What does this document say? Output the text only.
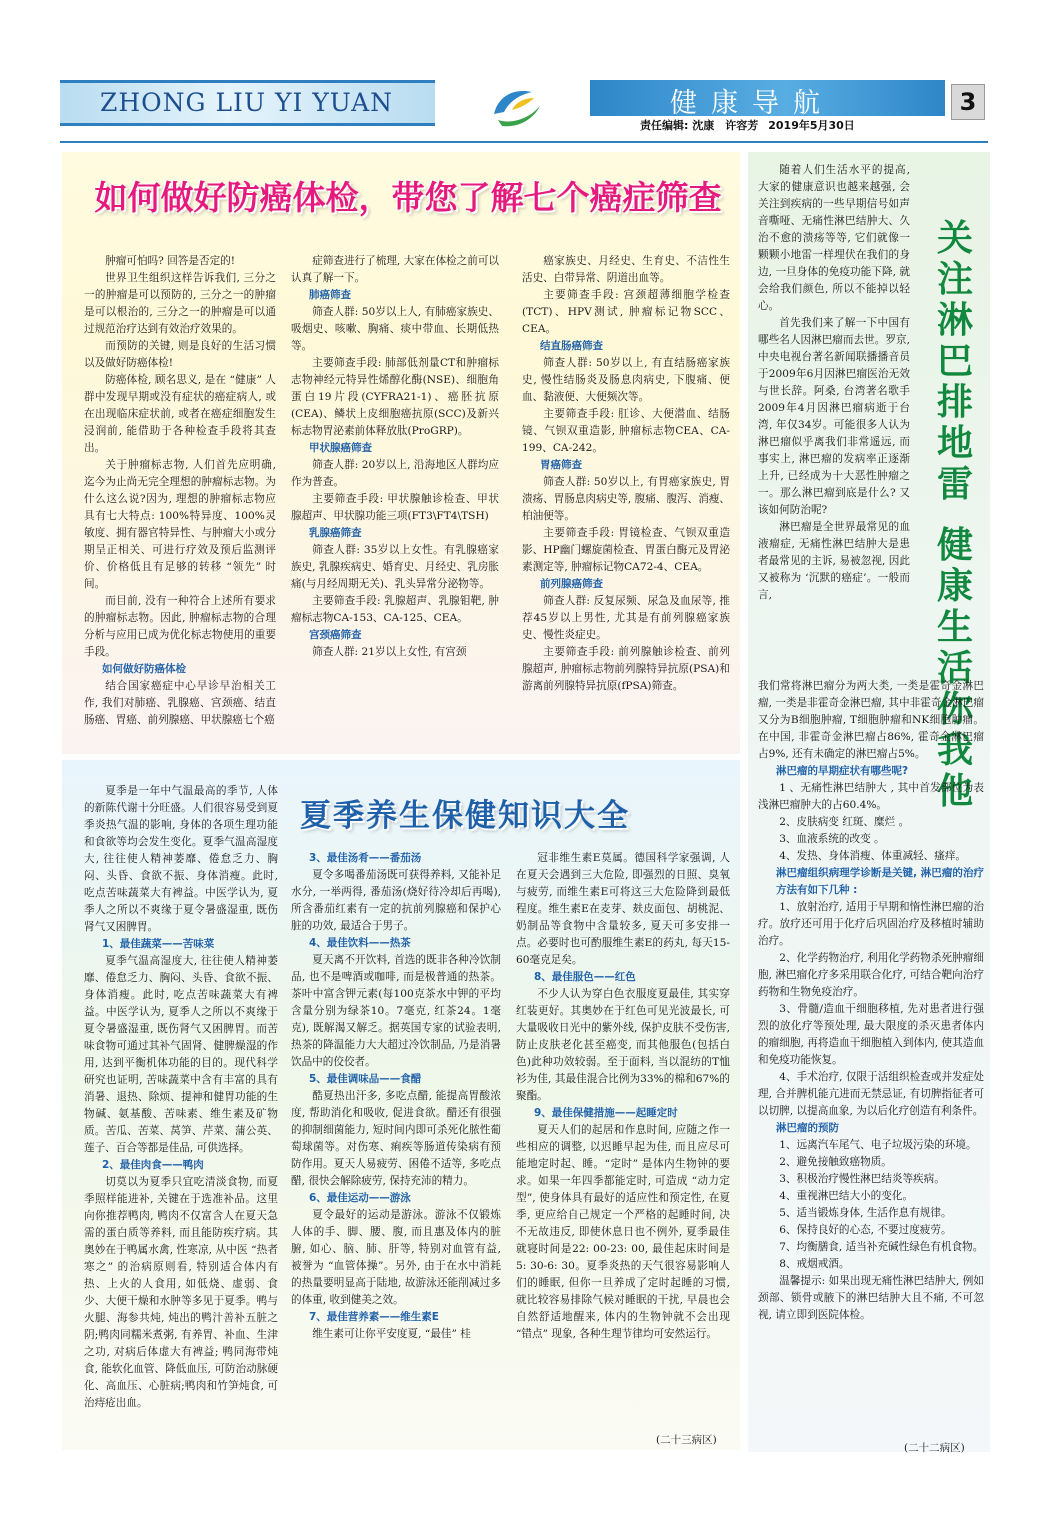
ZHONG LIU YI YUAN	健康导航	3
责任编辑: 沈康　许容芳 2019年5月30日
如何做好防癌体检，带您了解七个癌症筛查

肿瘤可怕吗? 回答是否定的!

世界卫生组织这样告诉我们, 三分之一的肿瘤是可以预防的, 三分之一的肿瘤是可以根治的, 三分之一的肿瘤是可以通过规范治疗达到有效治疗效果的。

而预防的关键, 则是良好的生活习惯以及做好防癌体检!

防癌体检, 顾名思义, 是在 “健康” 人群中发现早期或没有症状的癌症病人, 或在出现临床症状前, 或者在癌症细胞发生浸润前, 能借助于各种检查手段将其查出。

关于肿瘤标志物, 人们首先应明确, 迄今为止尚无完全理想的肿瘤标志物。为什么这么说?因为, 理想的肿瘤标志物应具有七大特点: 100%特异度、100%灵敏度、拥有器官特异性、与肿瘤大小或分期呈正相关、可进行疗效及预后监测评价、价格低且有足够的转移 “领先” 时间。

而目前, 没有一种符合上述所有要求的肿瘤标志物。因此, 肿瘤标志物的合理分析与应用已成为优化标志物使用的重要手段。

如何做好防癌体检

结合国家癌症中心早诊早治相关工作, 我们对肺癌、乳腺癌、宫颈癌、结直肠癌、胃癌、前列腺癌、甲状腺癌七个癌

症筛查进行了梳理, 大家在体检之前可以认真了解一下。

肺癌筛查

筛查人群: 50岁以上人, 有肺癌家族史、吸烟史、咳嗽、胸痛、痰中带血、长期低热等。

主要筛查手段: 肺部低剂量CT和肿瘤标志物神经元特异性烯醇化酶(NSE)、细胞角蛋白19片段(CYFRA21-1)、癌胚抗原(CEA)、鳞状上皮细胞癌抗原(SCC)及新兴标志物胃泌素前体释放肽(ProGRP)。

甲状腺癌筛查

筛查人群: 20岁以上, 沿海地区人群均应作为普查。

主要筛查手段: 甲状腺触诊检查、甲状腺超声、甲状腺功能三项(FT3\FT4\TSH)

乳腺癌筛查

筛查人群: 35岁以上女性。有乳腺癌家族史, 乳腺疾病史、婚育史、月经史、乳房胀痛(与月经周期无关)、乳头异常分泌物等。

主要筛查手段: 乳腺超声、乳腺钼靶, 肿瘤标志物CA-153、CA-125、CEA。

宫颈癌筛查

筛查人群: 21岁以上女性, 有宫颈

癌家族史、月经史、生育史、不洁性生活史、白带异常、阴道出血等。

主要筛查手段: 宫颈超薄细胞学检查(TCT)、HPV测试, 肿瘤标记物SCC、CEA。

结直肠癌筛查

筛查人群: 50岁以上, 有直结肠癌家族史, 慢性结肠炎及肠息肉病史, 下腹痛、便血、黏液便、大便频次等。

主要筛查手段: 肛诊、大便潜血、结肠镜、气钡双重造影, 肿瘤标志物CEA、CA-199、CA-242。

胃癌筛查

筛查人群: 50岁以上, 有胃癌家族史, 胃溃疡、胃肠息肉病史等, 腹痛、腹泻、消瘦、柏油便等。

主要筛查手段: 胃镜检查、气钡双重造影、HP幽门螺旋菌检查、胃蛋白酶元及胃泌素测定等, 肿瘤标记物CA72-4、CEA。

前列腺癌筛查

筛查人群: 反复尿频、尿急及血尿等, 推荐45岁以上男性, 尤其是有前列腺癌家族史、慢性炎症史。

主要筛查手段: 前列腺触诊检查、前列腺超声, 肿瘤标志物前列腺特异抗原(PSA)和游离前列腺特异抗原(fPSA)筛查。

夏季养生保健知识大全

夏季是一年中气温最高的季节, 人体的新陈代谢十分旺盛。人们很容易受到夏季炎热气温的影响, 身体的各项生理功能和食欲等均会发生变化。夏季气温高湿度大, 往往使人精神萎靡、倦怠乏力、胸闷、头昏、食欲不振、身体消瘦。此时, 吃点苦味蔬菜大有裨益。中医学认为, 夏季人之所以不爽缘于夏令暑盛湿重, 既伤肾气又困脾胃。

1、最佳蔬菜——苦味菜

夏季气温高湿度大, 往往使人精神萎靡、倦怠乏力、胸闷、头昏、食欲不振、身体消瘦。此时, 吃点苦味蔬菜大有裨益。中医学认为, 夏季人之所以不爽缘于夏令暑盛湿重, 既伤肾气又困脾胃。而苦味食物可通过其补气固肾、健脾燥湿的作用, 达到平衡机体功能的目的。现代科学研究也证明, 苦味蔬菜中含有丰富的具有消暑、退热、除烦、提神和健胃功能的生物碱、氨基酸、苦味素、维生素及矿物质。苦瓜、苦菜、莴笋、芹菜、蒲公英、莲子、百合等都是佳品, 可供选择。

2、最佳肉食——鸭肉

切莫以为夏季只宜吃清淡食物, 而夏季照样能进补, 关键在于选准补品。这里向你推荐鸭肉, 鸭肉不仅富含人在夏天急需的蛋白质等养料, 而且能防疾疗病。其奥妙在于鸭属水禽, 性寒凉, 从中医 “热者寒之” 的治病原则看, 特别适合体内有热、上火的人食用, 如低烧、虚弱、食少、大便干燥和水肿等多见于夏季。鸭与火腿、海参共炖, 炖出的鸭汁善补五脏之阴;鸭肉同糯米煮粥, 有养胃、补血、生津之功, 对病后体虚大有裨益; 鸭同海带炖食, 能软化血管、降低血压, 可防治动脉硬化、高血压、心脏病;鸭肉和竹笋炖食, 可治痔疮出血。

3、最佳汤肴——番茄汤

夏令多喝番茄汤既可获得养料, 又能补足水分, 一举两得, 番茄汤(烧好待冷却后再喝), 所含番茄红素有一定的抗前列腺癌和保护心脏的功效, 最适合于男子。

4、最佳饮料——热茶

夏天离不开饮料, 首选的既非各种冷饮制品, 也不是啤酒或咖啡, 而是极普通的热茶。茶叶中富含钾元素(每100克茶水中钾的平均含量分别为绿茶10。7毫克, 红茶24。1毫克), 既解渴又解乏。据英国专家的试验表明, 热茶的降温能力大大超过冷饮制品, 乃是消暑饮品中的佼佼者。

5、最佳调味品——食醋

酷夏热出汗多, 多吃点醋, 能提高胃酸浓度, 帮助消化和吸收, 促进食欲。醋还有很强的抑制细菌能力, 短时间内即可杀死化脓性葡萄球菌等。对伤寒、痢疾等肠道传染病有预防作用。夏天人易疲劳、困倦不适等, 多吃点醋, 很快会解除疲劳, 保持充沛的精力。

6、最佳运动——游泳

夏令最好的运动是游泳。游泳不仅锻炼人体的手、脚、腰、腹, 而且惠及体内的脏腑, 如心、脑、肺、肝等, 特别对血管有益, 被誉为 “血管体操”。另外, 由于在水中消耗的热量要明显高于陆地, 故游泳还能削减过多的体重, 收到健美之效。

7、最佳营养素——维生素E

维生素可让你平安度夏, “最佳” 桂

冠非维生素E莫属。德国科学家强调, 人在夏天会遇到三大危险, 即强烈的日照、臭氧与疲劳, 而维生素E可将这三大危险降到最低程度。维生素E在麦芽、麸皮面包、胡桃泥、奶制品等食物中含量较多, 夏天可多安排一点。必要时也可酌服维生素E的药丸, 每天15-60毫克足矣。

8、最佳服色——红色

不少人认为穿白色衣服度夏最佳, 其实穿红装更好。其奥妙在于红色可见光波最长, 可大量吸收日光中的紫外线, 保护皮肤不受伤害, 防止皮肤老化甚至癌变, 而其他服色(包括白色)此种功效较弱。至于面料, 当以混纺的T恤衫为佳, 其最佳混合比例为33%的棉和67%的聚酯。

9、最佳保健措施——起睡定时

夏天人们的起居和作息时间, 应随之作一些相应的调整, 以迟睡早起为佳, 而且应尽可能地定时起、睡。“定时” 是体内生物钟的要求。如果一年四季都能定时, 可造成 “动力定型”, 使身体具有最好的适应性和预定性, 在夏季, 更应给自己规定一个严格的起睡时间, 决不无故违反, 即使休息日也不例外, 夏季最佳就寝时间是22: 00-23: 00, 最佳起床时间是5: 30-6: 30。夏季炎热的天气很容易影响人们的睡眠, 但你一旦养成了定时起睡的习惯, 就比较容易排除气候对睡眠的干扰, 早晨也会自然舒适地醒来, 体内的生物钟就不会出现 “错点” 现象, 各种生理节律均可安然运行。

(二十三病区)
关注淋巴排地雷
健康生活你我他

随着人们生活水平的提高, 大家的健康意识也越来越强, 会关注到疾病的一些早期信号如声音嘶哑、无痛性淋巴结肿大、久治不愈的溃疡等等, 它们就像一颗颗小地雷一样埋伏在我们的身边, 一旦身体的免疫功能下降, 就会给我们颜色, 所以不能掉以轻心。

首先我们来了解一下中国有哪些名人因淋巴瘤而去世。罗京,中央电视台著名新闻联播播音员于2009年6月因淋巴瘤医治无效与世长辞。阿桑, 台湾著名歌手2009年4月因淋巴瘤病逝于台湾, 年仅34岁。可能很多人认为淋巴瘤似乎离我们非常遥远, 而事实上, 淋巴瘤的发病率正逐渐上升, 已经成为十大恶性肿瘤之一。那么淋巴瘤到底是什么? 又该如何防治呢?

淋巴瘤是全世界最常见的血液瘤症, 无痛性淋巴结肿大是患者最常见的主诉, 易被忽视, 因此又被称为 ‘沉默的癌症’。一般而言,

我们常将淋巴瘤分为两大类, 一类是霍奇金淋巴瘤, 一类是非霍奇金淋巴瘤, 其中非霍奇金淋巴瘤又分为B细胞肿瘤, T细胞肿瘤和NK细胞肿瘤。在中国, 非霍奇金淋巴瘤占86%, 霍奇金淋巴瘤占9%, 还有未确定的淋巴瘤占5%。

淋巴瘤的早期症状有哪些呢?

1 、无痛性淋巴结肿大 , 其中首发部位为表浅淋巴瘤肿大的占60.4%。

2、皮肤病变 红斑、糜烂 。

3、血液系统的改变 。

4、发热、身体消瘦、体重减轻、瘙痒。

淋巴瘤组织病理学诊断是关键, 淋巴瘤的治疗方法有如下几种 :

1、放射治疗, 适用于早期和惰性淋巴瘤的治疗。放疗还可用于化疗后巩固治疗及移植时辅助治疗。

2、化学药物治疗, 利用化学药物杀死肿瘤细胞, 淋巴瘤化疗多采用联合化疗, 可结合靶向治疗药物和生物免疫治疗。

3、骨髓/造血干细胞移植, 先对患者进行强烈的放化疗等预处理, 最大限度的杀灭患者体内的瘤细胞, 再将造血干细胞植入到体内, 使其造血和免疫功能恢复。

4、手术治疗, 仅限于活组织检查或并发症处理, 合并脾机能亢进而无禁忌证, 有切脾指征者可以切脾, 以提高血象, 为以后化疗创造有利条件。

淋巴瘤的预防

1、远离汽车尾气、电子垃圾污染的环境。

2、避免接触致癌物质。

3、积极治疗慢性淋巴结炎等疾病。

4、重视淋巴结大小的变化。

5、适当锻炼身体, 生活作息有规律。

6、保持良好的心态, 不要过度疲劳。

7、均衡膳食, 适当补充碱性绿色有机食物。

8、戒烟戒酒。

温馨提示: 如果出现无痛性淋巴结肿大, 例如颈部、锁骨或腋下的淋巴结肿大且不痛, 不可忽视, 请立即到医院体检。

(二十二病区)
